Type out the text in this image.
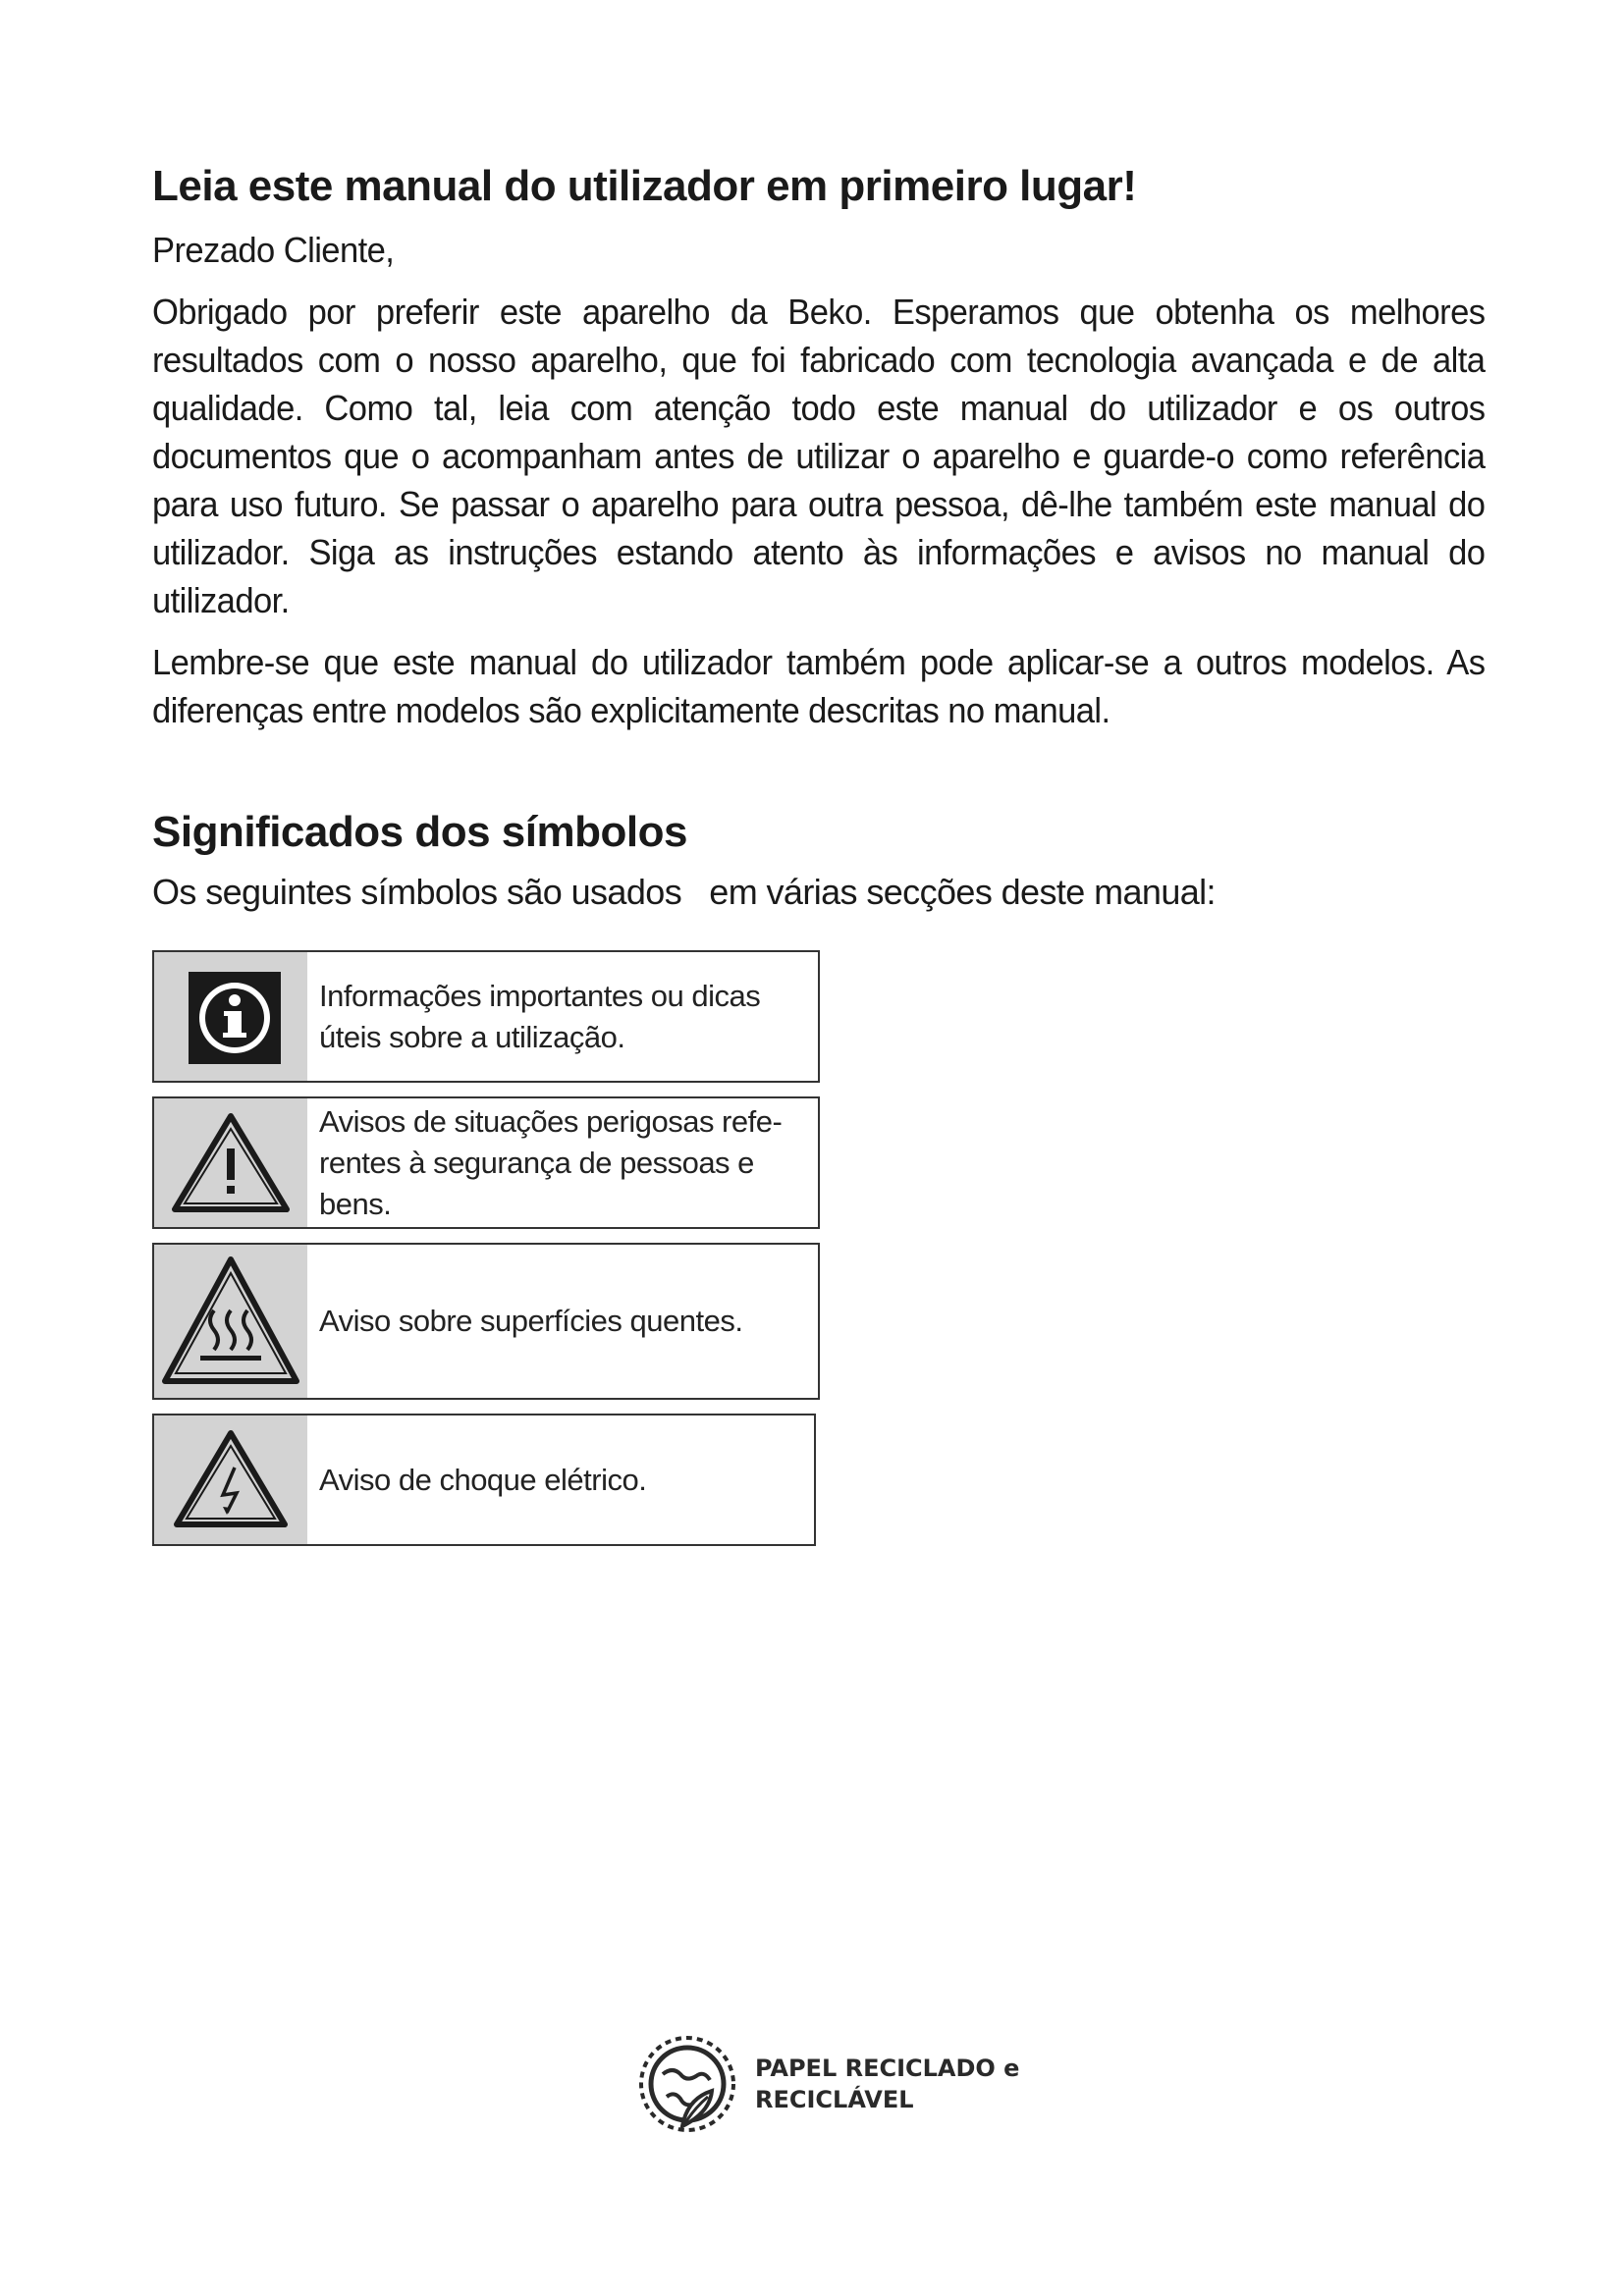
Leia este manual do utilizador em primeiro lugar!

Prezado Cliente,

Obrigado por preferir este aparelho da Beko. Esperamos que obtenha os melhores resultados com o nosso aparelho, que foi fabricado com tecnologia avançada e de alta qualidade. Como tal, leia com atenção todo este manual do utilizador e os outros documentos que o acompanham antes de utilizar o aparelho e guarde-o como referência para uso futuro. Se passar o aparelho para outra pessoa, dê-lhe também este manual do utilizador. Siga as instruções estando atento às informações e avisos no manual do utilizador.

Lembre-se que este manual do utilizador também pode aplicar-se a outros modelos. As diferenças entre modelos são explicitamente descritas no manual.

Significados dos símbolos

Os seguintes símbolos são usados   em várias secções deste manual:

Informações importantes ou dicas úteis sobre a utilização.
Avisos de situações perigosas refe-rentes à segurança de pessoas e bens.
Aviso sobre superfícies quentes.
Aviso de choque elétrico.
PAPEL RECICLADO e
RECICLÁVEL
